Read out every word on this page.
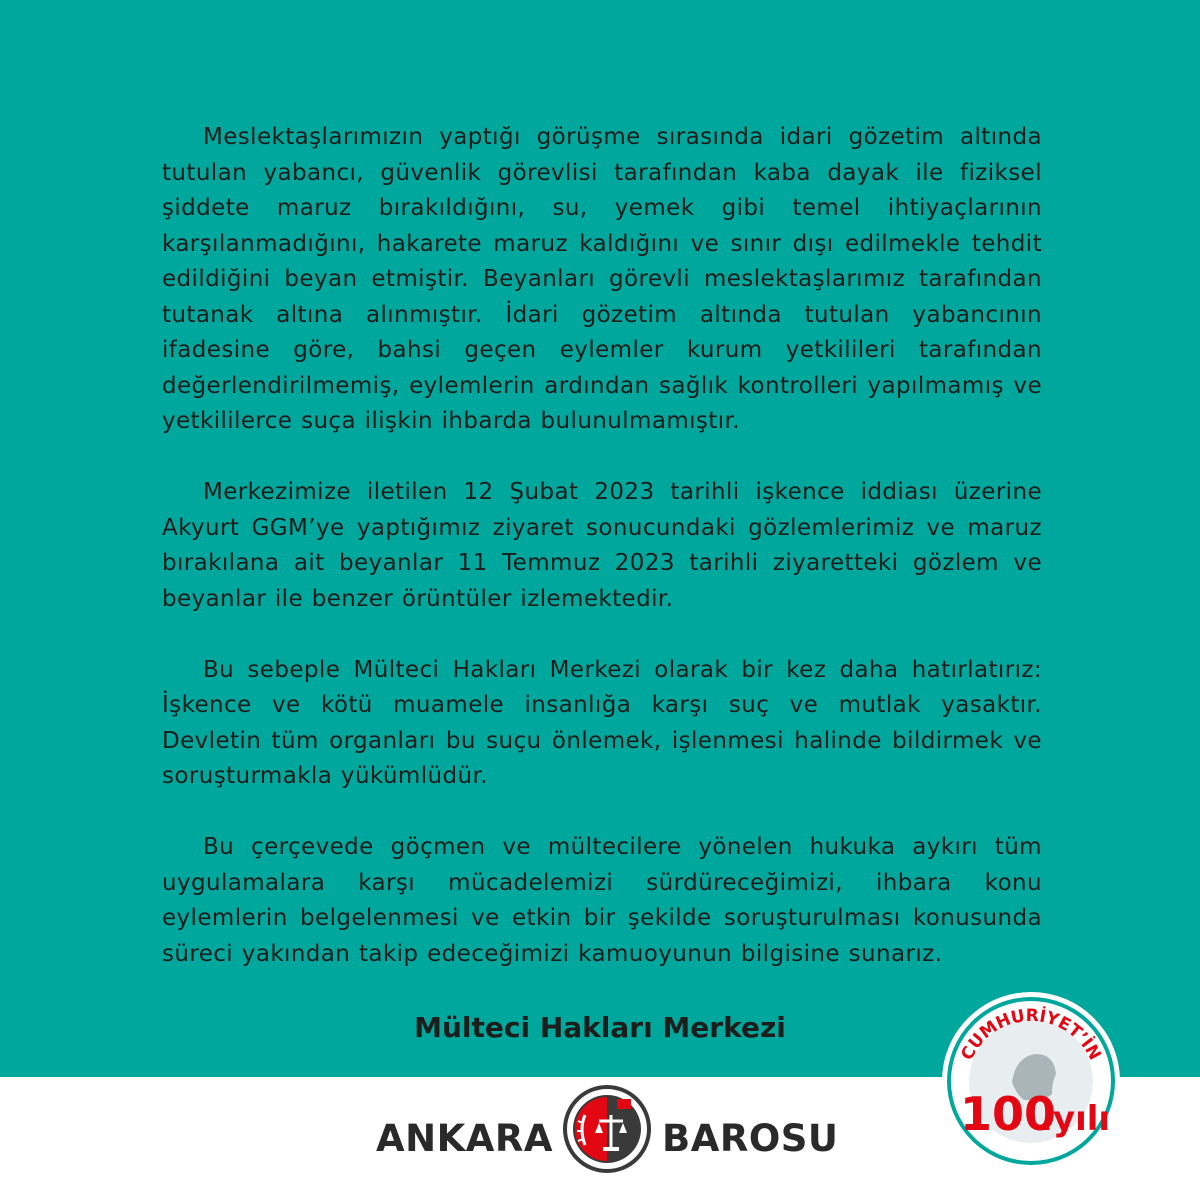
Meslektaşlarımızın yaptığı görüşme sırasında idari gözetim altında tutulan yabancı, güvenlik görevlisi tarafından kaba dayak ile fiziksel şiddete maruz bırakıldığını, su, yemek gibi temel ihtiyaçlarının karşılanmadığını, hakarete maruz kaldığını ve sınır dışı edilmekle tehdit edildiğini beyan etmiştir. Beyanları görevli meslektaşlarımız tarafından tutanak altına alınmıştır. İdari gözetim altında tutulan yabancının ifadesine göre, bahsi geçen eylemler kurum yetkilileri tarafından değerlendirilmemiş, eylemlerin ardından sağlık kontrolleri yapılmamış ve yetkililerce suça ilişkin ihbarda bulunulmamıştır.

Merkezimize iletilen 12 Şubat 2023 tarihli işkence iddiası üzerine Akyurt GGM’ye yaptığımız ziyaret sonucundaki gözlemlerimiz ve maruz bırakılana ait beyanlar 11 Temmuz 2023 tarihli ziyaretteki gözlem ve beyanlar ile benzer örüntüler izlemektedir.

Bu sebeple Mülteci Hakları Merkezi olarak bir kez daha hatırlatırız: İşkence ve kötü muamele insanlığa karşı suç ve mutlak yasaktır. Devletin tüm organları bu suçu önlemek, işlenmesi halinde bildirmek ve soruşturmakla yükümlüdür.

Bu çerçevede göçmen ve mültecilere yönelen hukuka aykırı tüm uygulamalara karşı mücadelemizi sürdüreceğimizi, ihbara konu eylemlerin belgelenmesi ve etkin bir şekilde soruşturulması konusunda süreci yakından takip edeceğimizi kamuoyunun bilgisine sunarız.

Mülteci Hakları Merkezi
CUMHURİYET’İN
100
.yılı
ANKARA	BAROSU
